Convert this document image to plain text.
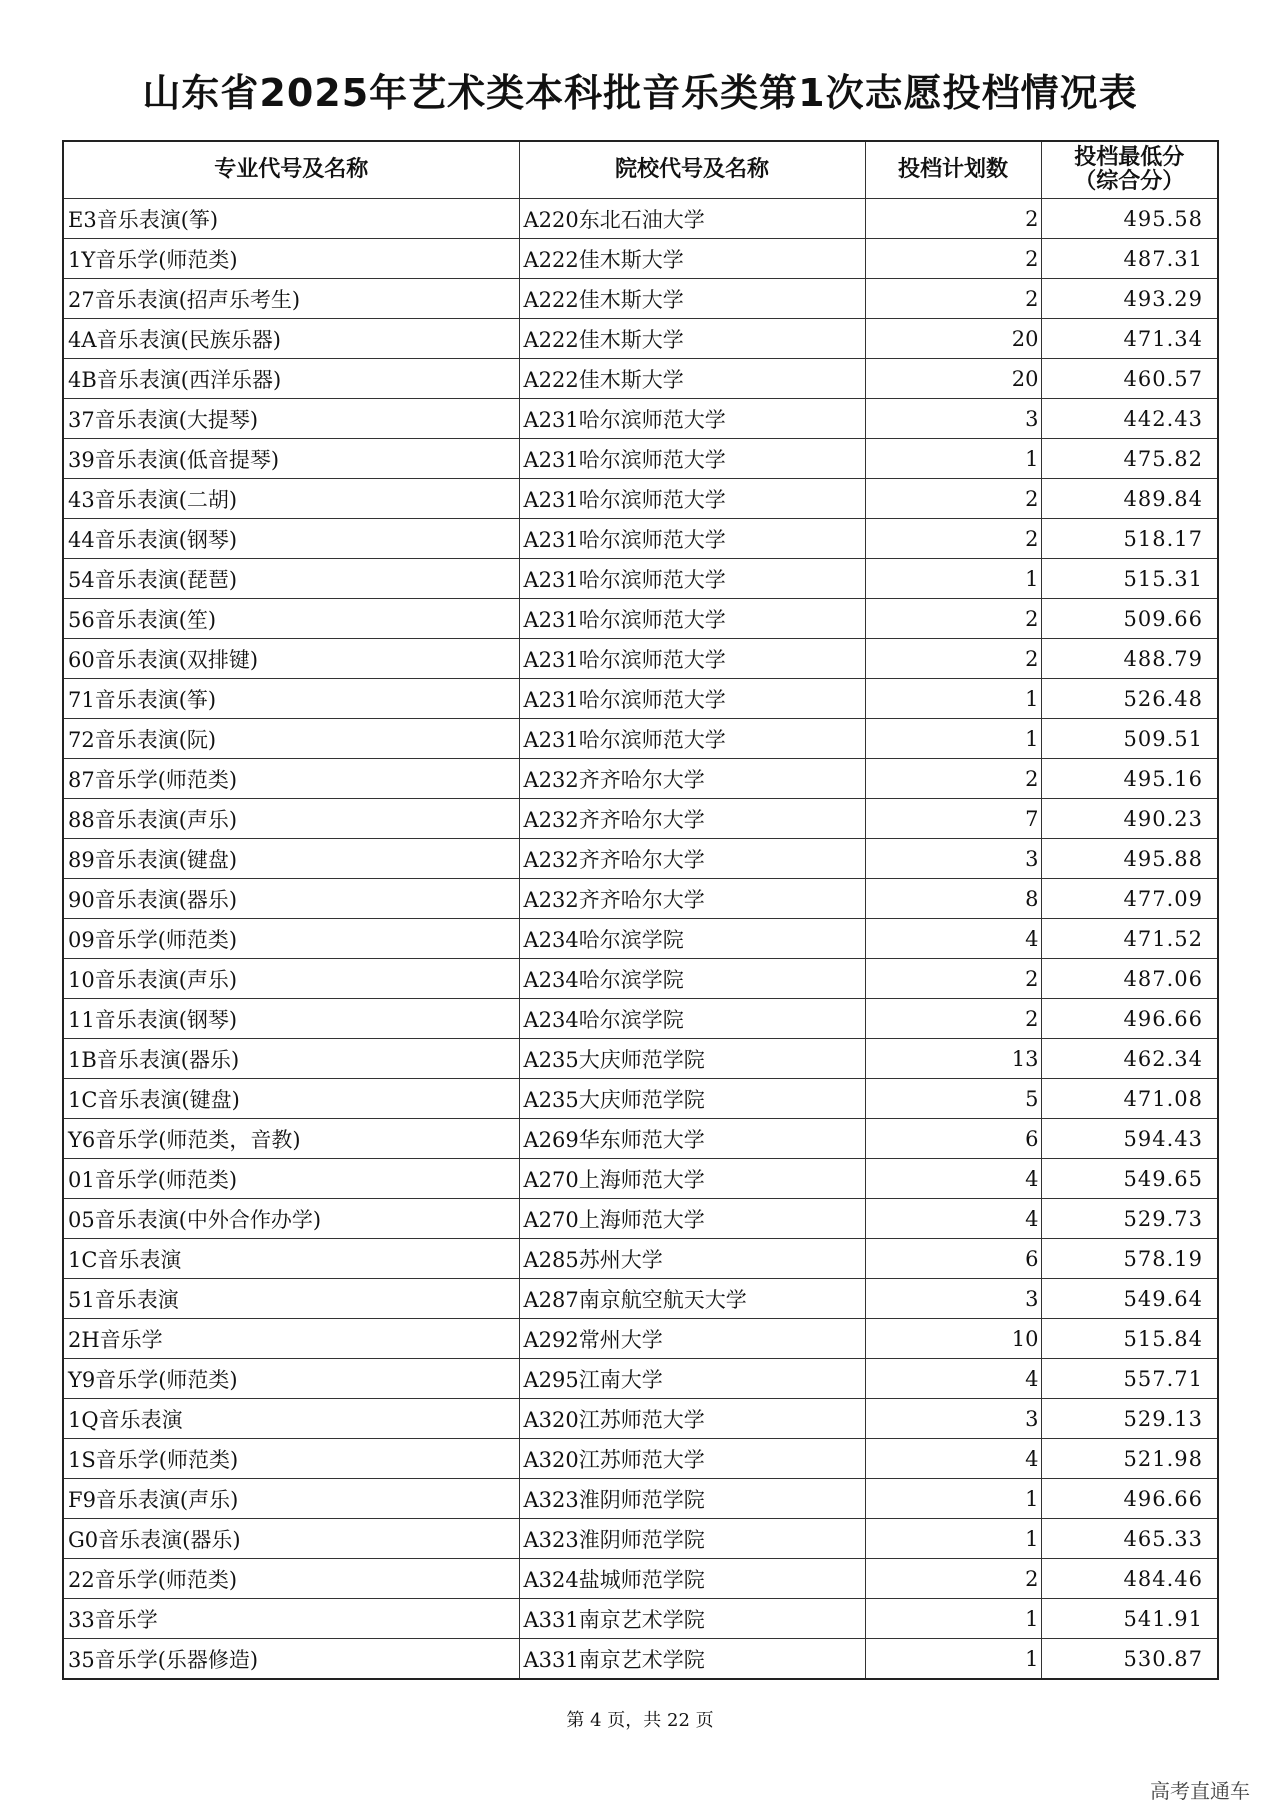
山东省2025年艺术类本科批音乐类第1次志愿投档情况表
专业代号及名称	院校代号及名称	投档计划数	投档最低分
（综合分）

E3音乐表演(筝)	A220东北石油大学	2	495.58
1Y音乐学(师范类)	A222佳木斯大学	2	487.31
27音乐表演(招声乐考生)	A222佳木斯大学	2	493.29
4A音乐表演(民族乐器)	A222佳木斯大学	20	471.34
4B音乐表演(西洋乐器)	A222佳木斯大学	20	460.57
37音乐表演(大提琴)	A231哈尔滨师范大学	3	442.43
39音乐表演(低音提琴)	A231哈尔滨师范大学	1	475.82
43音乐表演(二胡)	A231哈尔滨师范大学	2	489.84
44音乐表演(钢琴)	A231哈尔滨师范大学	2	518.17
54音乐表演(琵琶)	A231哈尔滨师范大学	1	515.31
56音乐表演(笙)	A231哈尔滨师范大学	2	509.66
60音乐表演(双排键)	A231哈尔滨师范大学	2	488.79
71音乐表演(筝)	A231哈尔滨师范大学	1	526.48
72音乐表演(阮)	A231哈尔滨师范大学	1	509.51
87音乐学(师范类)	A232齐齐哈尔大学	2	495.16
88音乐表演(声乐)	A232齐齐哈尔大学	7	490.23
89音乐表演(键盘)	A232齐齐哈尔大学	3	495.88
90音乐表演(器乐)	A232齐齐哈尔大学	8	477.09
09音乐学(师范类)	A234哈尔滨学院	4	471.52
10音乐表演(声乐)	A234哈尔滨学院	2	487.06
11音乐表演(钢琴)	A234哈尔滨学院	2	496.66
1B音乐表演(器乐)	A235大庆师范学院	13	462.34
1C音乐表演(键盘)	A235大庆师范学院	5	471.08
Y6音乐学(师范类，音教)	A269华东师范大学	6	594.43
01音乐学(师范类)	A270上海师范大学	4	549.65
05音乐表演(中外合作办学)	A270上海师范大学	4	529.73
1C音乐表演	A285苏州大学	6	578.19
51音乐表演	A287南京航空航天大学	3	549.64
2H音乐学	A292常州大学	10	515.84
Y9音乐学(师范类)	A295江南大学	4	557.71
1Q音乐表演	A320江苏师范大学	3	529.13
1S音乐学(师范类)	A320江苏师范大学	4	521.98
F9音乐表演(声乐)	A323淮阴师范学院	1	496.66
G0音乐表演(器乐)	A323淮阴师范学院	1	465.33
22音乐学(师范类)	A324盐城师范学院	2	484.46
33音乐学	A331南京艺术学院	1	541.91
35音乐学(乐器修造)	A331南京艺术学院	1	530.87
第 4 页，共 22 页
高考直通车
